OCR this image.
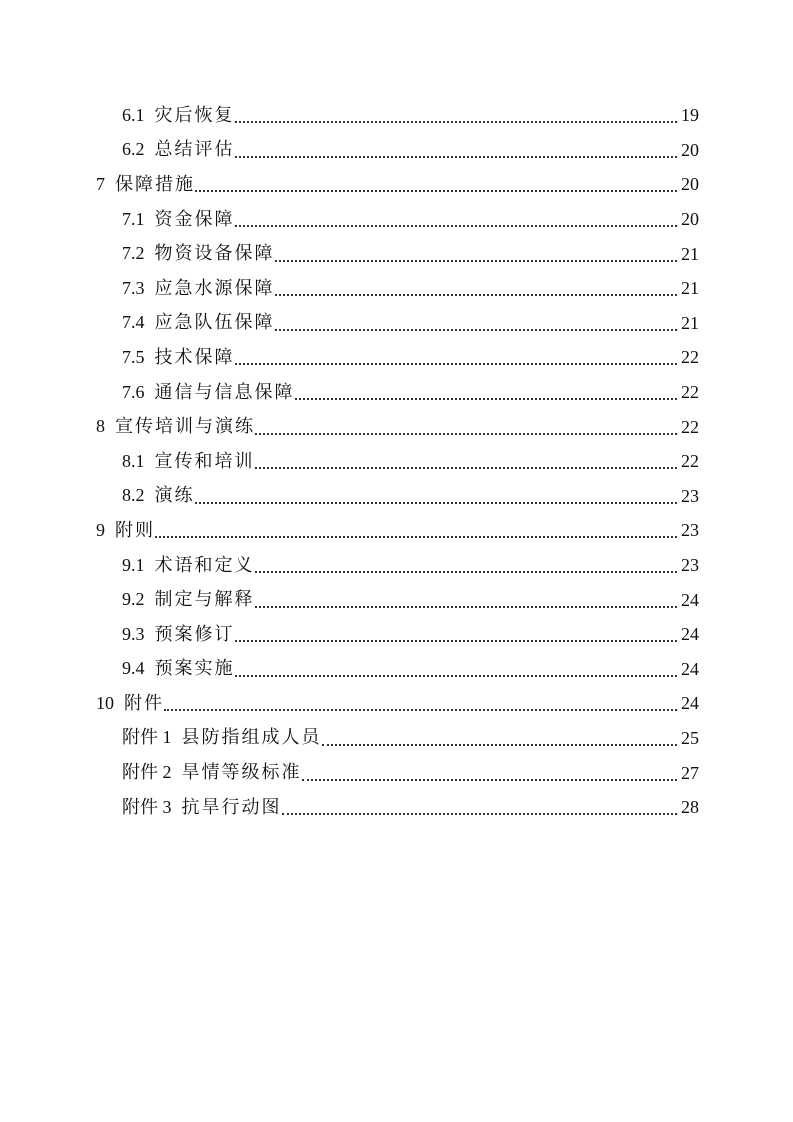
6.1 灾后恢复	19
6.2 总结评估	20
7 保障措施	20
7.1 资金保障	20
7.2 物资设备保障	21
7.3 应急水源保障	21
7.4 应急队伍保障	21
7.5 技术保障	22
7.6 通信与信息保障	22
8 宣传培训与演练	22
8.1 宣传和培训	22
8.2 演练	23
9 附则	23
9.1 术语和定义	23
9.2 制定与解释	24
9.3 预案修订	24
9.4 预案实施	24
10 附件	24
附件 1 县防指组成人员	25
附件 2 旱情等级标准	27
附件 3 抗旱行动图	28
